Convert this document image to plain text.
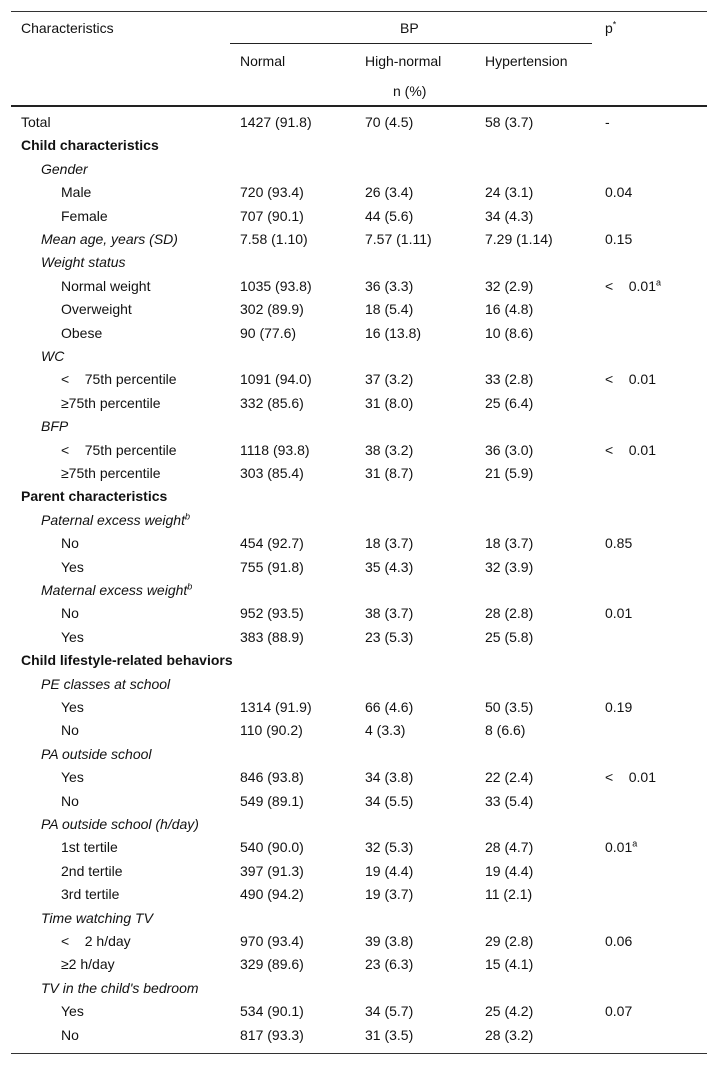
Characteristics	BP	p*
Normal	High-normal	Hypertension
n (%)
Total	1427 (91.8)	70 (4.5)	58 (3.7)	-
Child characteristics
Gender
Male	720 (93.4)	26 (3.4)	24 (3.1)	0.04
Female	707 (90.1)	44 (5.6)	34 (4.3)
Mean age, years (SD)	7.58 (1.10)	7.57 (1.11)	7.29 (1.14)	0.15
Weight status
Normal weight	1035 (93.8)	36 (3.3)	32 (2.9)	<    0.01$^a$
Overweight	302 (89.9)	18 (5.4)	16 (4.8)
Obese	90 (77.6)	16 (13.8)	10 (8.6)
WC
<    75th percentile	1091 (94.0)	37 (3.2)	33 (2.8)	<    0.01
≥75th percentile	332 (85.6)	31 (8.0)	25 (6.4)
BFP
<    75th percentile	1118 (93.8)	38 (3.2)	36 (3.0)	<    0.01
≥75th percentile	303 (85.4)	31 (8.7)	21 (5.9)
Parent characteristics
Paternal excess weight$^b$
No	454 (92.7)	18 (3.7)	18 (3.7)	0.85
Yes	755 (91.8)	35 (4.3)	32 (3.9)
Maternal excess weight$^b$
No	952 (93.5)	38 (3.7)	28 (2.8)	0.01
Yes	383 (88.9)	23 (5.3)	25 (5.8)
Child lifestyle-related behaviors
PE classes at school
Yes	1314 (91.9)	66 (4.6)	50 (3.5)	0.19
No	110 (90.2)	4 (3.3)	8 (6.6)
PA outside school
Yes	846 (93.8)	34 (3.8)	22 (2.4)	<    0.01
No	549 (89.1)	34 (5.5)	33 (5.4)
PA outside school (h/day)
1st tertile	540 (90.0)	32 (5.3)	28 (4.7)	0.01$^a$
2nd tertile	397 (91.3)	19 (4.4)	19 (4.4)
3rd tertile	490 (94.2)	19 (3.7)	11 (2.1)
Time watching TV
<    2 h/day	970 (93.4)	39 (3.8)	29 (2.8)	0.06
≥2 h/day	329 (89.6)	23 (6.3)	15 (4.1)
TV in the child's bedroom
Yes	534 (90.1)	34 (5.7)	25 (4.2)	0.07
No	817 (93.3)	31 (3.5)	28 (3.2)
